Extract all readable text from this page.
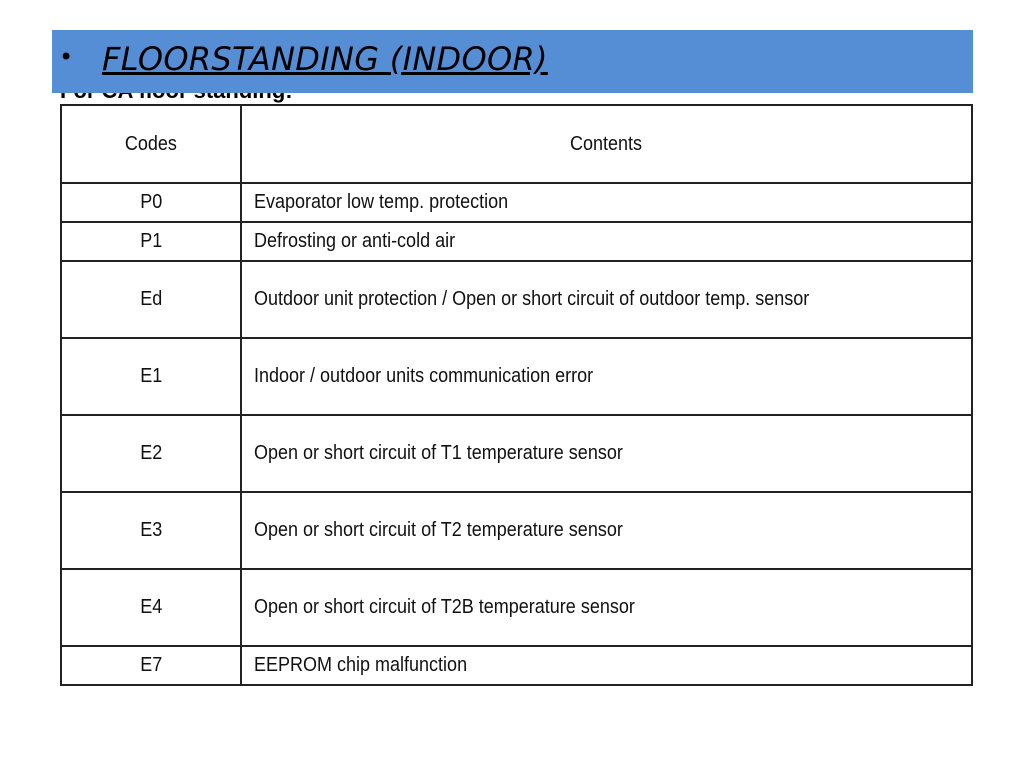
• FLOORSTANDING (INDOOR)
Codes	Contents
P0	Evaporator low temp. protection
P1	Defrosting or anti-cold air
Ed	Outdoor unit protection / Open or short circuit of outdoor temp. sensor
E1	Indoor / outdoor units communication error
E2	Open or short circuit of T1 temperature sensor
E3	Open or short circuit of T2 temperature sensor
E4	Open or short circuit of T2B temperature sensor
E7	EEPROM chip malfunction
